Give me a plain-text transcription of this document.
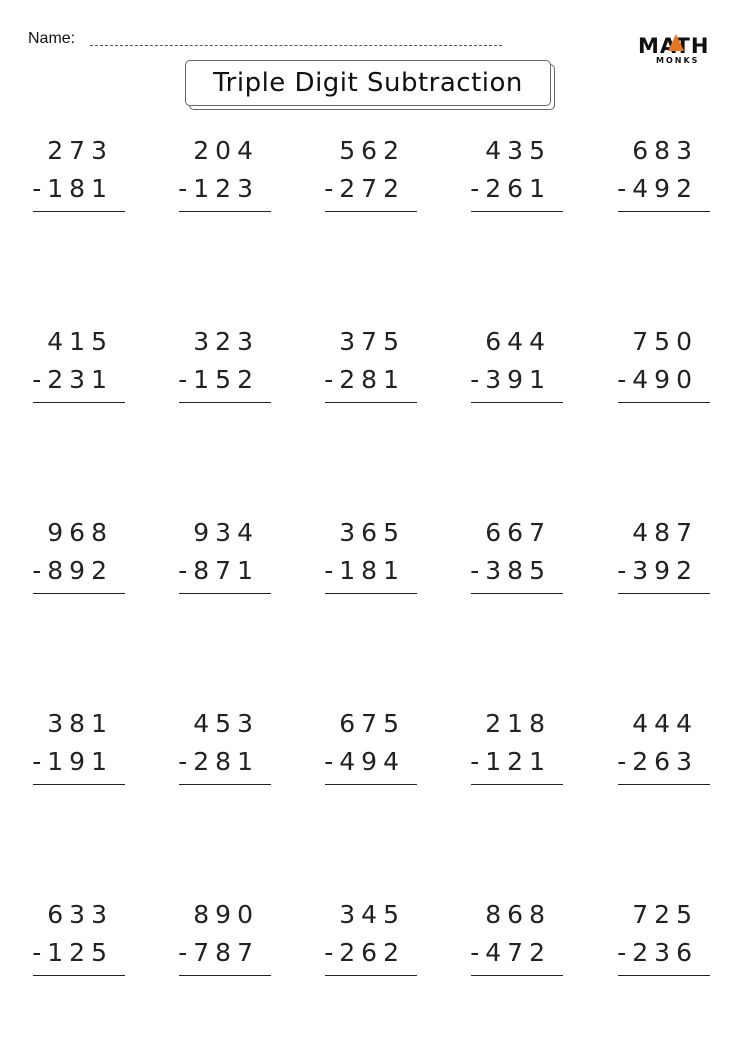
Name:	MATH
MONKS
Triple Digit Subtraction
273
-181
204
-123
562
-272
435
-261
683
-492
415
-231
323
-152
375
-281
644
-391
750
-490
968
-892
934
-871
365
-181
667
-385
487
-392
381
-191
453
-281
675
-494
218
-121
444
-263
633
-125
890
-787
345
-262
868
-472
725
-236
